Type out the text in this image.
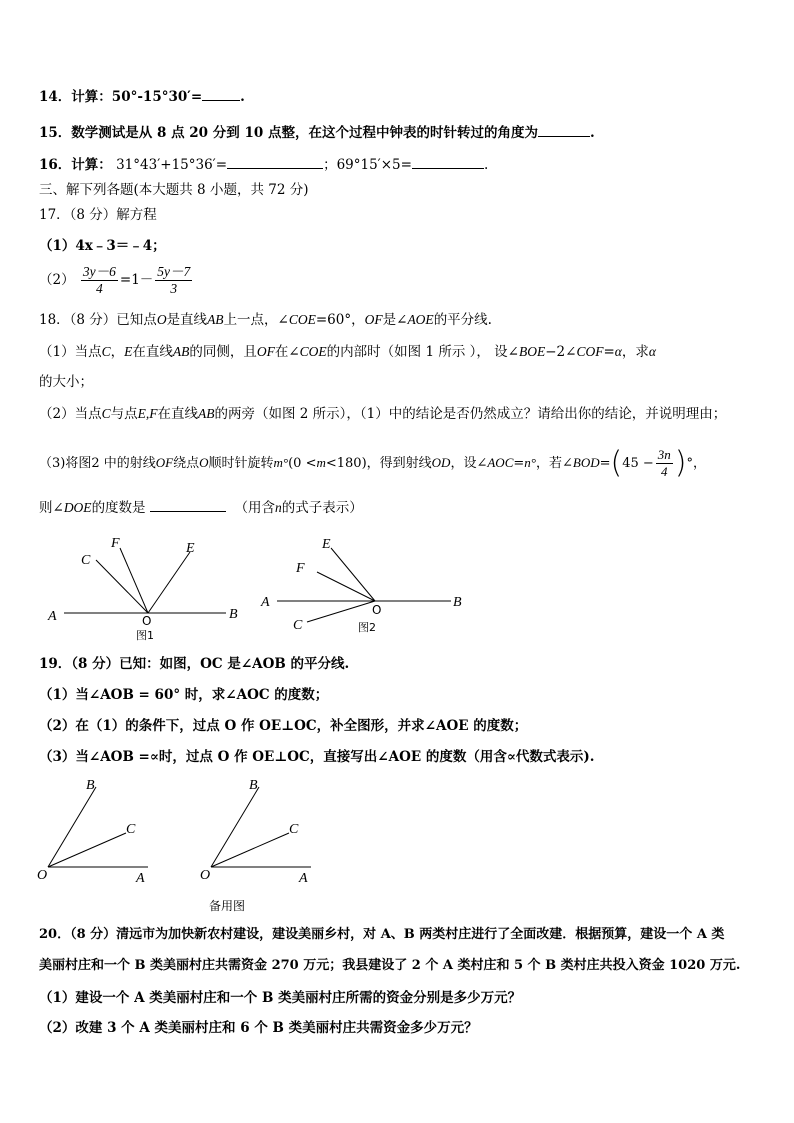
14．计算：50°-15°30′=	.
15．数学测试是从 8 点 20 分到 10 点整，在这个过程中钟表的时针转过的角度为	.
16．计算： 31°43′+15°36′=	；69°15′×5=	.
三、解下列各题(本大题共 8 小题，共 72 分)
17．（8 分）解方程
（1）4x﹣3＝﹣4；
$(2) \frac{3y-6}{4} =1- \frac{5y-7}{3}$
18．（8 分）已知点O是直线AB上一点，∠COE=60°，OF是∠AOE的平分线.
（1）当点C，E在直线AB的同侧，且OF在∠COE的内部时（如图 1 所示 ）， 设∠BOE−2∠COF=α，求α
的大小；
（2）当点C与点E,F在直线AB的两旁（如图 2 所示），（1）中的结论是否仍然成立？请给出你的结论，并说明理由；
（3)将图2 中的射线OF绕点O顺时针旋转m°(0 <m<180)，得到射线OD，设∠AOC=n°，若∠BOD=(45 − $\frac{3n}{4}$ )°，
则∠DOE的度数是	（用含n的式子表示）
C
F	E
A	B
O
图1
E
F
A	O	B
C	图2
19．（8 分）已知：如图，OC 是∠AOB 的平分线.
（1）当∠AOB = 60° 时，求∠AOC 的度数；
（2）在（1）的条件下，过点 O 作 OE⊥OC，补全图形，并求∠AOE 的度数；
（3）当∠AOB =∝时，过点 O 作 OE⊥OC，直接写出∠AOE 的度数（用含∝代数式表示).
B
C
O	A
B
C
O	A
备用图
20．（8 分）清远市为加快新农村建设，建设美丽乡村，对 A、B 两类村庄进行了全面改建．根据预算，建设一个 A 类
美丽村庄和一个 B 类美丽村庄共需资金 270 万元；我县建设了 2 个 A 类村庄和 5 个 B 类村庄共投入资金 1020 万元.
（1）建设一个 A 类美丽村庄和一个 B 类美丽村庄所需的资金分别是多少万元？
（2）改建 3 个 A 类美丽村庄和 6 个 B 类美丽村庄共需资金多少万元？
